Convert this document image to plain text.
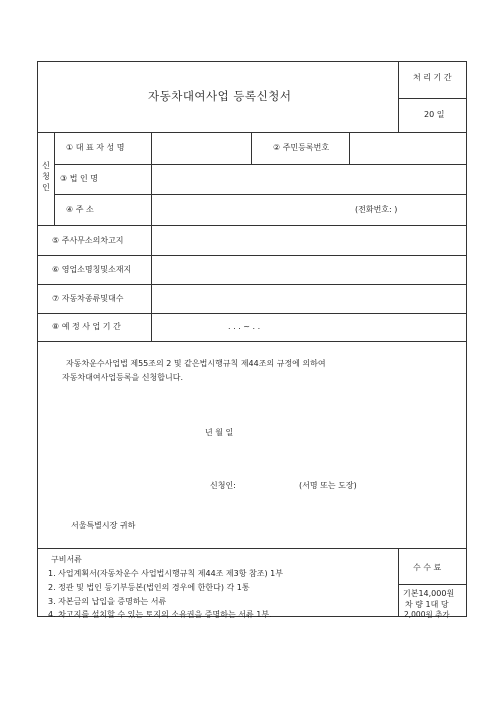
자동차대여사업 등록신청서
처 리 기 간
20 일
신
청
인
① 대 표 자 성 명	② 주민등록번호
③ 법 인 명
④ 주 소	(전화번호: )
⑤ 주사무소의차고지
⑥ 영업소명칭및소재지
⑦ 자동차종류및대수
⑧ 예 정 사 업 기 간	. . . ~ . .
자동차운수사업법 제55조의 2 및 같은법시행규칙 제44조의 규정에 의하여
자동차대여사업등록을 신청합니다.
년 월 일
신청인:	(서명 또는 도장)
서울특별시장 귀하
구비서류
1. 사업계획서(자동차운수 사업법시행규칙 제44조 제3항 참조) 1부
2. 정관 및 법인 등기부등본(법인의 경우에 한한다) 각 1통
3. 자본금의 납입을 증명하는 서류
4. 차고지를 설치할 수 있는 토지의 소유권을 증명하는 서류 1부.
수 수 료
기본14,000원
차 량 1대 당
2,000원 추가
